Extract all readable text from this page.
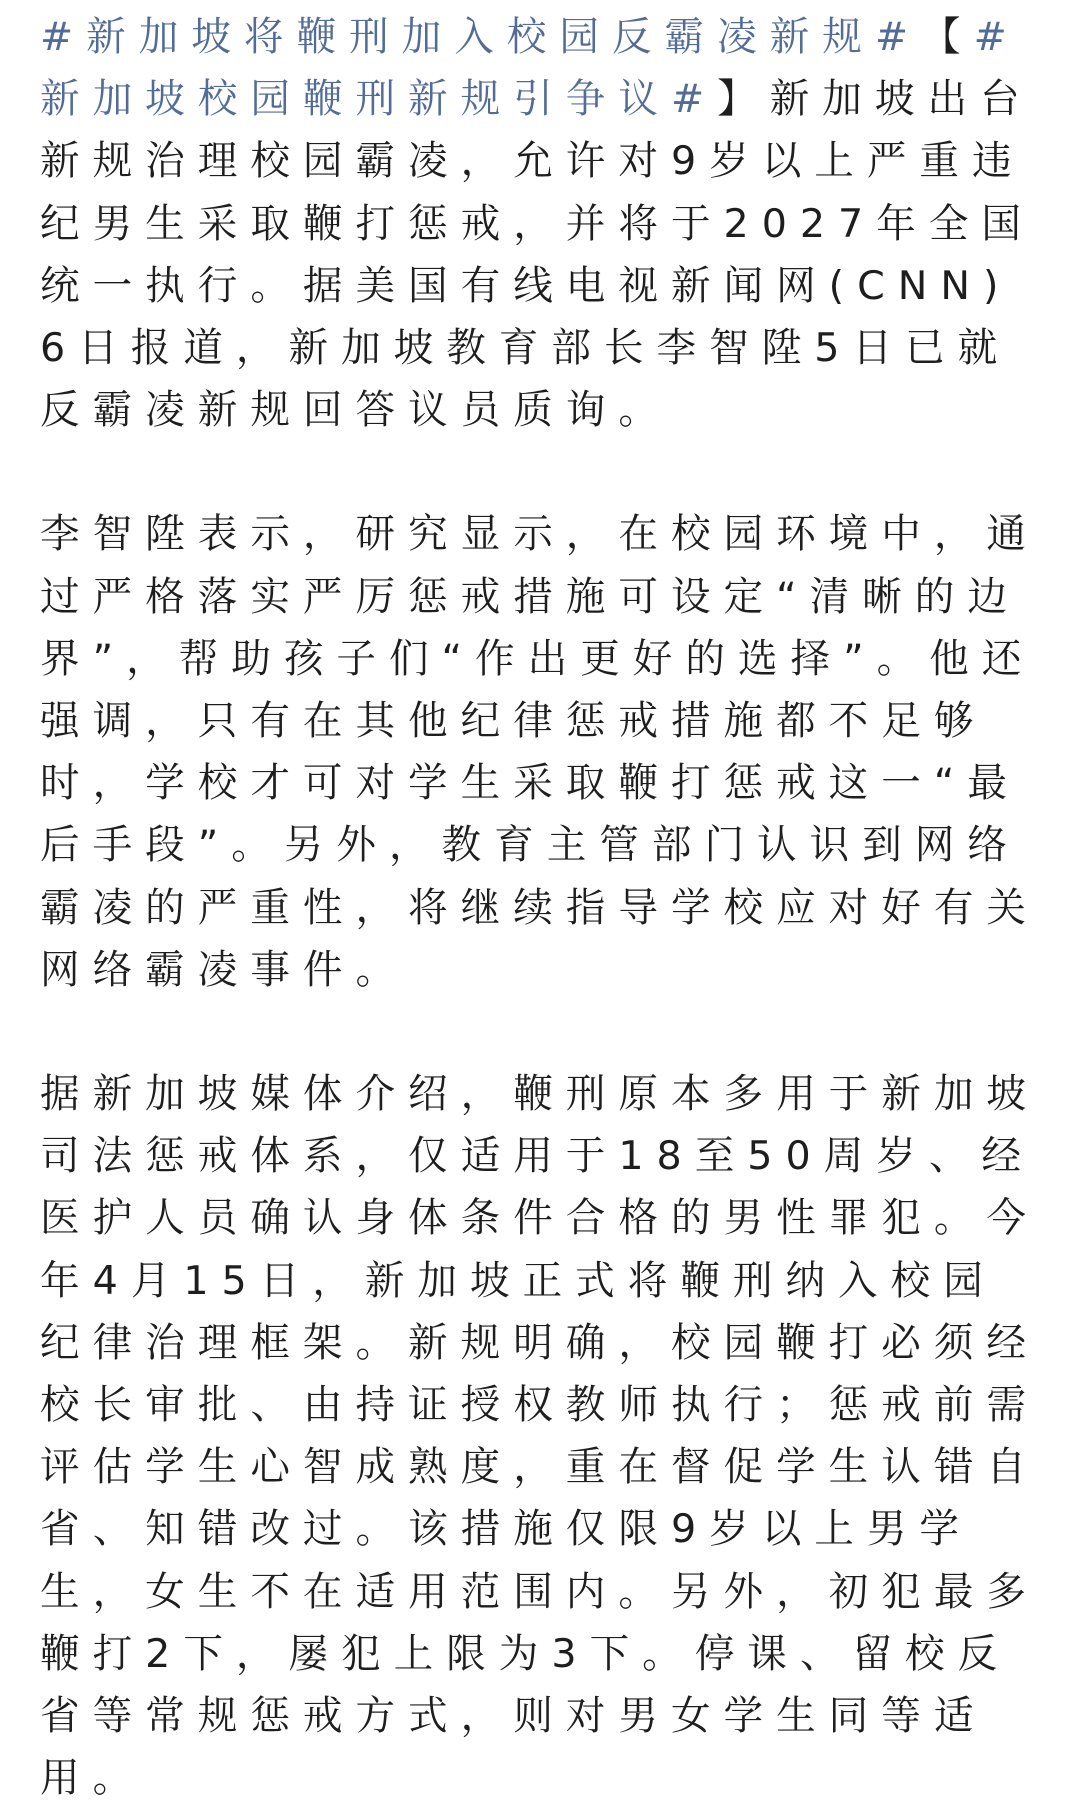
#新加坡将鞭刑加入校园反霸凌新规#【#新加坡校园鞭刑新规引争议#】新加坡出台新规治理校园霸凌，允许对9岁以上严重违纪男生采取鞭打惩戒，并将于2027年全国统一执行。据美国有线电视新闻网(CNN)6日报道，新加坡教育部长李智陞5日已就反霸凌新规回答议员质询。

李智陞表示，研究显示，在校园环境中，通过严格落实严厉惩戒措施可设定“清晰的边界”，帮助孩子们“作出更好的选择”。他还强调，只有在其他纪律惩戒措施都不足够时，学校才可对学生采取鞭打惩戒这一“最后手段”。另外，教育主管部门认识到网络霸凌的严重性，将继续指导学校应对好有关网络霸凌事件。

据新加坡媒体介绍，鞭刑原本多用于新加坡司法惩戒体系，仅适用于18至50周岁、经医护人员确认身体条件合格的男性罪犯。今年4月15日，新加坡正式将鞭刑纳入校园纪律治理框架。新规明确，校园鞭打必须经校长审批、由持证授权教师执行；惩戒前需评估学生心智成熟度，重在督促学生认错自省、知错改过。该措施仅限9岁以上男学生，女生不在适用范围内。另外，初犯最多鞭打2下，屡犯上限为3下。停课、留校反省等常规惩戒方式，则对男女学生同等适用。
